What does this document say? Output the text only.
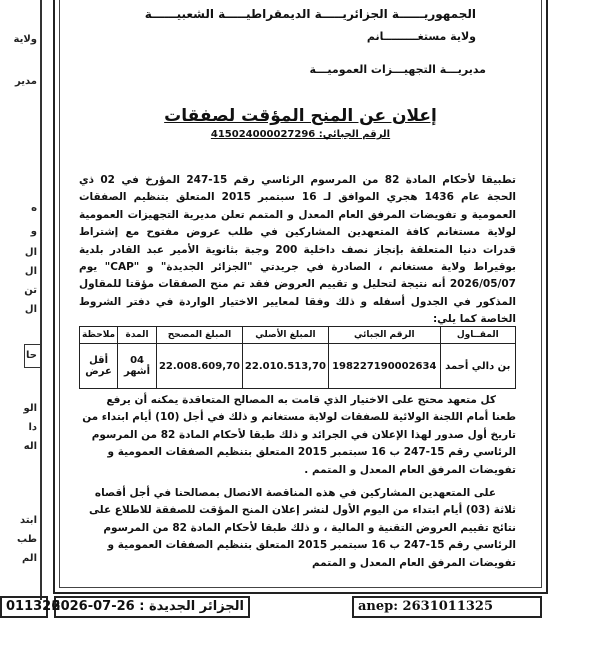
ولاية
مدير
ه
و
ال
ال
تن
ال
حا
الو
دا
اله
ابتد
طب
الم
الجمهوريــــــة الجزائريـــــة الديمقراطيـــــة الشعبيــــــة
ولاية مستغـــــــــانم
مديريـــة التجهيـــزات العموميـــة
إعلان عن المنح المؤقت لصفقات
الرقم الجبائي: 415024000027296
تطبيقا لأحكام المادة 82 من المرسوم الرئاسي رقم 15-247 المؤرخ في 02 ذي الحجة عام 1436 هجري الموافق لـ 16 سبتمبر 2015 المتعلق بتنظيم الصفقات العمومية و تفويضات المرفق العام المعدل و المتمم تعلن مديرية التجهيزات العمومية لولاية مستغانم كافة المتعهدين المشاركين في طلب عروض مفتوح مع إشتراط قدرات دنيا المتعلقة بإنجاز نصف داخلية 200 وجبة بثانوية الأمير عبد القادر بلدية بوقيراط ولاية مستغانم ، الصادرة في جريدتي "الجزائر الجديدة" و "CAP" يوم 2026/05/07 أنه نتيجة لتحليل و تقييم العروض فقد تم منح الصفقات مؤقتا للمقاول المذكور في الجدول أسفله و ذلك وفقا لمعايير الاختيار الواردة في دفتر الشروط الخاصة كما يلي:
المقــاول	الرقم الجبائي	المبلغ الأصلي	المبلغ المصحح	المدة	ملاحظة
بن دالي أحمد	198227190002634	22.010.513,70	22.008.609,70	04 أشهر	أقل عرض

كل متعهد محتج على الاختيار الذي قامت به المصالح المتعاقدة يمكنه أن يرفع طعنا أمام اللجنة الولائية للصفقات لولاية مستغانم و ذلك في أجل (10) أيام ابتداء من تاريخ أول صدور لهذا الإعلان في الجرائد و ذلك طبقا لأحكام المادة 82 من المرسوم الرئاسي رقم 15-247 ب 16 سبتمبر 2015 المتعلق بتنظيم الصفقات العمومية و تفويضات المرفق العام المعدل و المتمم .

على المتعهدين المشاركين في هذه المناقصة الاتصال بمصالحنا في أجل أقصاه ثلاثة (03) أيام ابتداء من اليوم الأول لنشر إعلان المنح المؤقت للصفقة للاطلاع على نتائج تقييم العروض التقنية و المالية ، و ذلك طبقا لأحكام المادة 82 من المرسوم الرئاسي رقم 15-247 ب 16 سبتمبر 2015 المتعلق بتنظيم الصفقات العمومية و تفويضات المرفق العام المعدل و المتمم

011326
الجزائر الجديدة : 26-07-2026	anep: 2631011325
